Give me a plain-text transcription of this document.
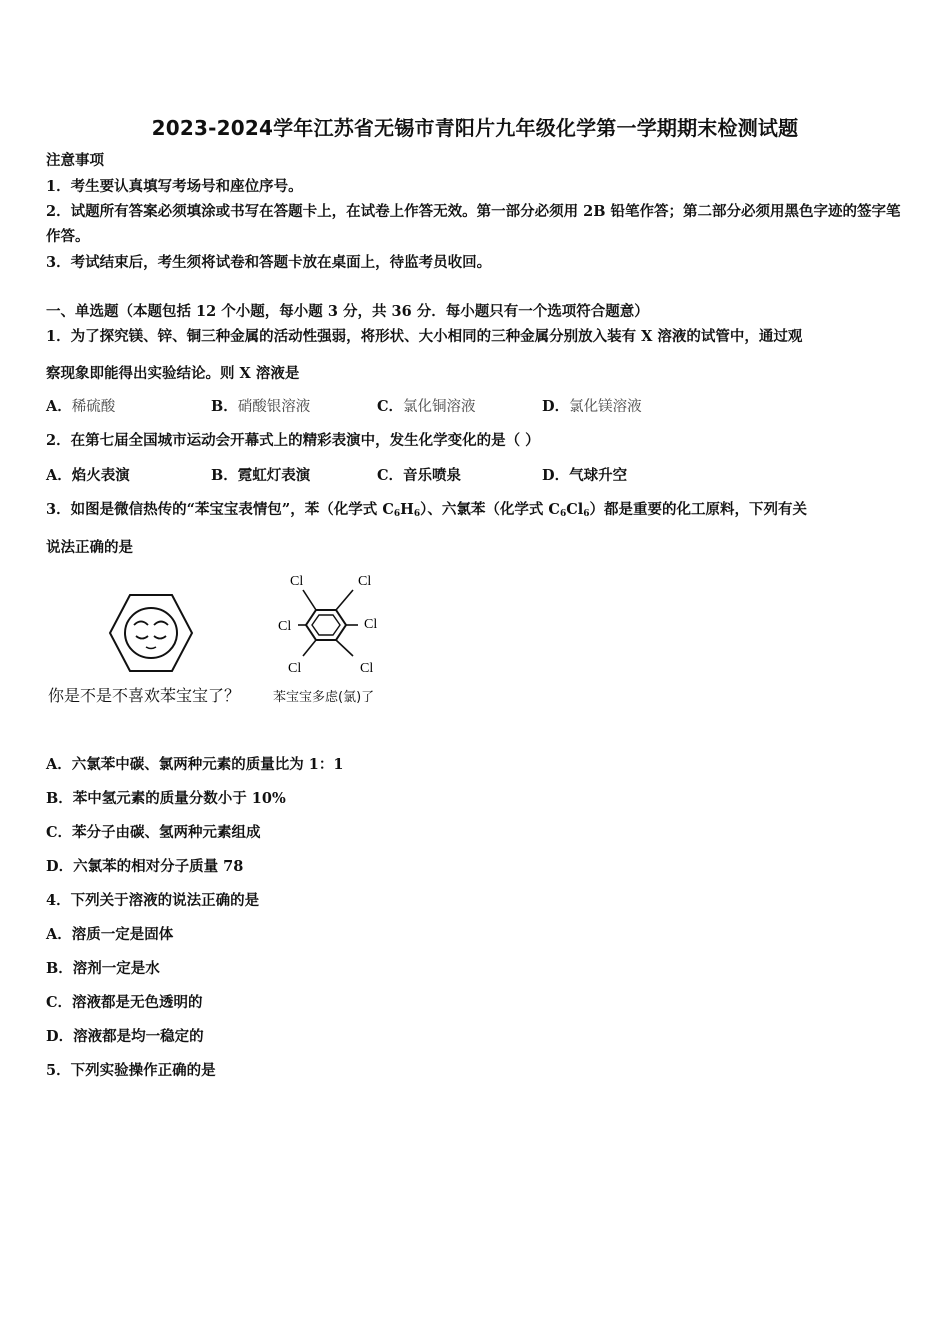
2023-2024学年江苏省无锡市青阳片九年级化学第一学期期末检测试题
注意事项
1．考生要认真填写考场号和座位序号。
2．试题所有答案必须填涂或书写在答题卡上，在试卷上作答无效。第一部分必须用 2B 铅笔作答；第二部分必须用黑色字迹的签字笔作答。
3．考试结束后，考生须将试卷和答题卡放在桌面上，待监考员收回。
一、单选题（本题包括 12 个小题，每小题 3 分，共 36 分．每小题只有一个选项符合题意）
1．为了探究镁、锌、铜三种金属的活动性强弱，将形状、大小相同的三种金属分别放入装有 X 溶液的试管中，通过观
察现象即能得出实验结论。则 X 溶液是
A．稀硫酸	B．硝酸银溶液	C．氯化铜溶液	D．氯化镁溶液
2．在第七届全国城市运动会开幕式上的精彩表演中，发生化学变化的是（ ）
A．焰火表演	B．霓虹灯表演	C．音乐喷泉	D．气球升空
3．如图是微信热传的“苯宝宝表情包”，苯（化学式 $C_6H_6$）、六氯苯（化学式 $C_6Cl_6$）都是重要的化工原料，下列有关
说法正确的是
你是不是不喜欢苯宝宝了？
Cl	Cl
Cl	Cl
Cl	Cl
苯宝宝多虑(氯)了
A．六氯苯中碳、氯两种元素的质量比为 1：1
B．苯中氢元素的质量分数小于 10%
C．苯分子由碳、氢两种元素组成
D．六氯苯的相对分子质量 78
4．下列关于溶液的说法正确的是
A．溶质一定是固体
B．溶剂一定是水
C．溶液都是无色透明的
D．溶液都是均一稳定的
5．下列实验操作正确的是
